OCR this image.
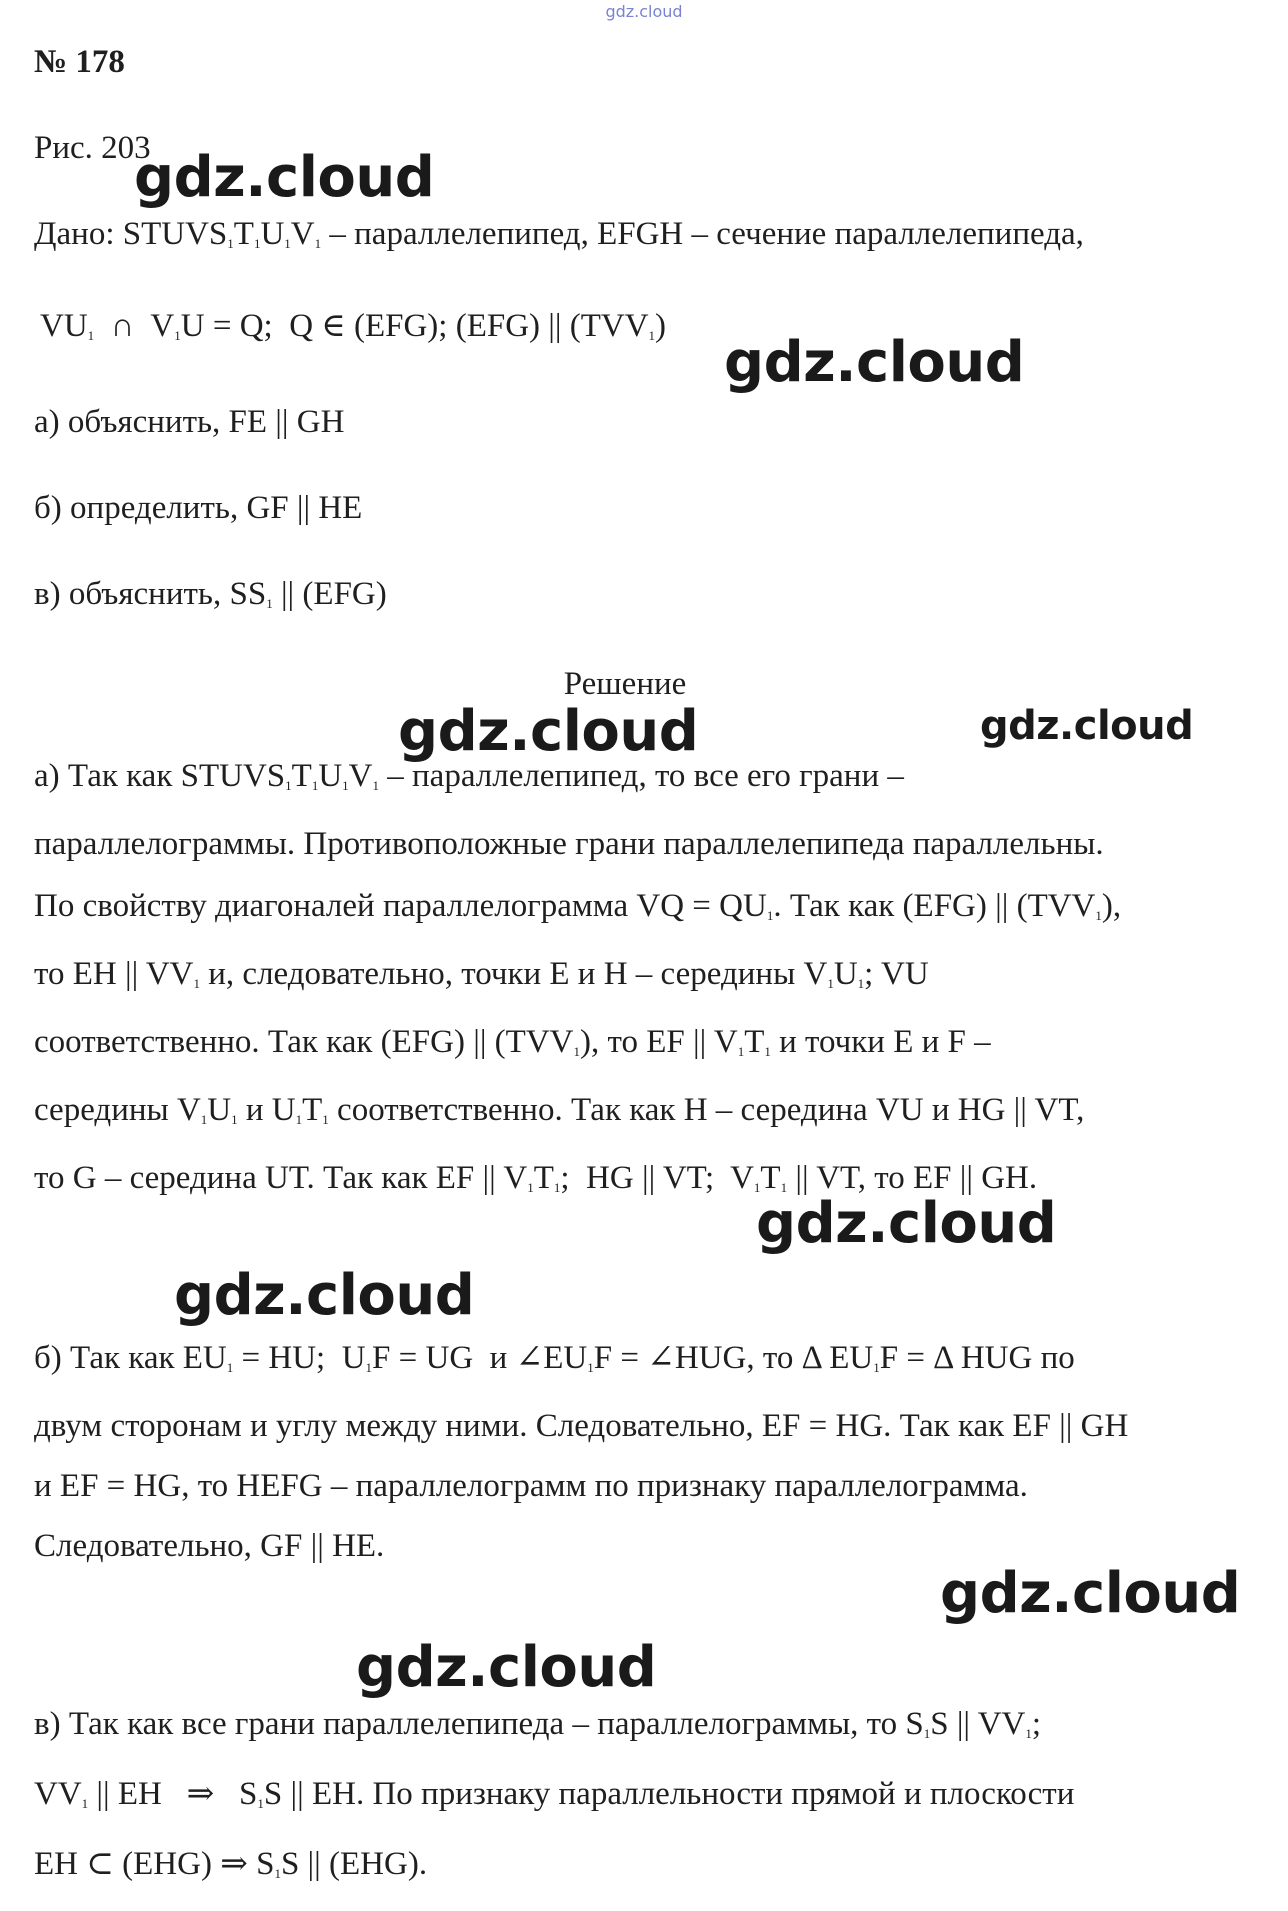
gdz.cloud

№ 178

Рис. 203

Дано: $STUVS_1T_1U_1V_1$ – параллелепипед, EFGH – сечение параллелепипеда,

$VU_1$  ∩  $V_1U = Q$;  Q ∈ (EFG); (EFG) || $(TVV_1)$

а) объяснить, FE || GH

б) определить, GF || HE

в) объяснить, $SS_1$ || (EFG)

Решение

а) Так как $STUVS_1T_1U_1V_1$ – параллелепипед, то все его грани –

параллелограммы. Противоположные грани параллелепипеда параллельны.

По свойству диагоналей параллелограмма VQ = $QU_1$. Так как (EFG) || $(TVV_1)$,

то EH || $VV_1$ и, следовательно, точки E и H – середины $V_1U_1$; VU

соответственно. Так как (EFG) || $(TVV_1)$, то EF || $V_1T_1$ и точки E и F –

середины $V_1U_1$ и $U_1T_1$ соответственно. Так как H – середина VU и HG || VT,

то G – середина UT. Так как EF || $V_1T_1$;  HG || VT;  $V_1T_1$ || VT, то EF || GH.

б) Так как $EU_1$ = HU;  $U_1F$ = UG  и $\angle EU_1F$ = ∠HUG, то Δ $EU_1F = \Delta$ HUG по

двум сторонам и углу между ними. Следовательно, EF = HG. Так как EF || GH

и EF = HG, то HEFG – параллелограмм по признаку параллелограмма.

Следовательно, GF || HE.

в) Так как все грани параллелепипеда – параллелограммы, то $S_1S$ || $VV_1$;

$VV_1$ || EH   ⇒   $S_1S$ || EH. По признаку параллельности прямой и плоскости

EH ⊂ (EHG) ⇒ $S_1S$ || (EHG).

gdz.cloud
gdz.cloud
gdz.cloud	gdz.cloud
gdz.cloud
gdz.cloud
gdz.cloud
gdz.cloud
